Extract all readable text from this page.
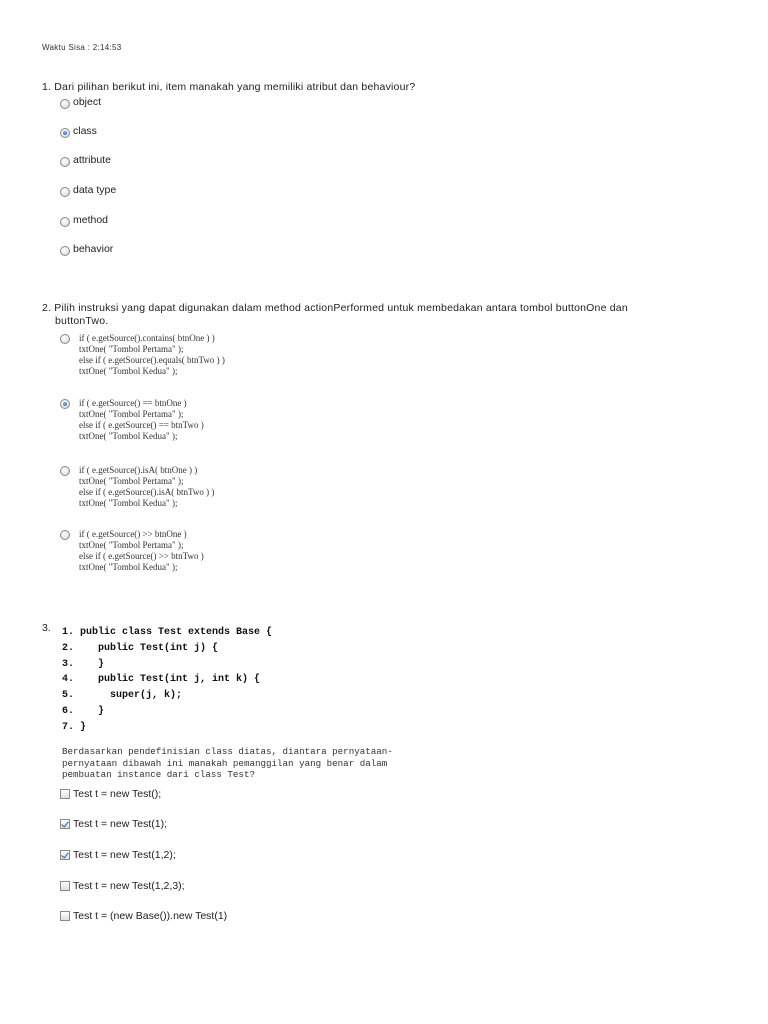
Waktu Sisa : 2:14:53
1. Dari pilihan berikut ini, item manakah yang memiliki atribut dan behaviour?
object
class
attribute
data type
method
behavior
2. Pilih instruksi yang dapat digunakan dalam method actionPerformed untuk membedakan antara tombol buttonOne dan
buttonTwo.
if ( e.getSource().contains( btnOne ) )
txtOne( "Tombol Pertama" );
else if ( e.getSource().equals( btnTwo ) )
txtOne( "Tombol Kedua" );
if ( e.getSource() == btnOne )
txtOne( "Tombol Pertama" );
else if ( e.getSource() == btnTwo )
txtOne( "Tombol Kedua" );
if ( e.getSource().isA( btnOne ) )
txtOne( "Tombol Pertama" );
else if ( e.getSource().isA( btnTwo ) )
txtOne( "Tombol Kedua" );
if ( e.getSource() >> btnOne )
txtOne( "Tombol Pertama" );
else if ( e.getSource() >> btnTwo )
txtOne( "Tombol Kedua" );
3. 1. public class Test extends Base {
2.    public Test(int j) {
3.    }
4.    public Test(int j, int k) {
5.      super(j, k);
6.    }
7. }
Berdasarkan pendefinisian class diatas, diantara pernyataan-
pernyataan dibawah ini manakah pemanggilan yang benar dalam
pembuatan instance dari class Test?
Test t = new Test();
Test t = new Test(1);
Test t = new Test(1,2);
Test t = new Test(1,2,3);
Test t = (new Base()).new Test(1)
